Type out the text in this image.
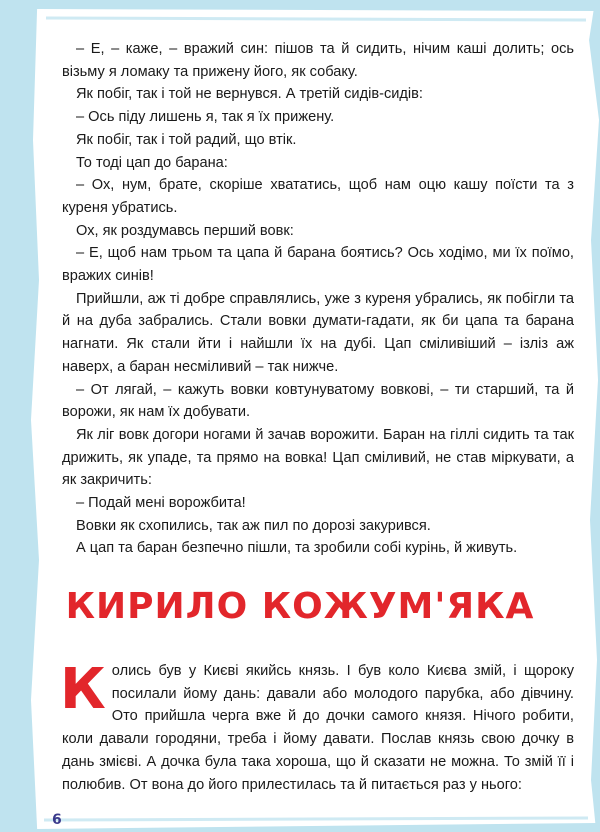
– Е, – каже, – вражий син: пішов та й сидить, нічим каші долить; ось візьму я ломаку та прижену його, як собаку.

Як побіг, так і той не вернувся. А третій сидів-сидів:

– Ось піду лишень я, так я їх прижену.

Як побіг, так і той радий, що втік.

То тоді цап до барана:

– Ох, нум, брате, скоріше хвататись, щоб нам оцю кашу поїсти та з куреня убратись.

Ох, як роздумавсь перший вовк:

– Е, щоб нам трьом та цапа й барана боятись? Ось ходімо, ми їх поїмо, вражих синів!

Прийшли, аж ті добре справлялись, уже з куреня убрались, як побігли та й на дуба забрались. Стали вовки думати-гадати, як би цапа та барана нагнати. Як стали йти і найшли їх на дубі. Цап сміливіший – ізліз аж наверх, а баран несміливий – так нижче.

– От лягай, – кажуть вовки ковтунуватому вовкові, – ти старший, та й ворожи, як нам їх добувати.

Як ліг вовк догори ногами й зачав ворожити. Баран на гіллі сидить та так дрижить, як упаде, та прямо на вовка! Цап сміливий, не став міркувати, а як закричить:

– Подай мені ворожбита!

Вовки як схопились, так аж пил по дорозі закурився.

А цап та баран безпечно пішли, та зробили собі курінь, й живуть.

КИРИЛО КОЖУМ'ЯКА

Колись був у Києві якийсь князь. І був коло Києва змій, і щороку посилали йому дань: давали або молодого парубка, або дівчину. Ото прийшла черга вже й до дочки самого князя. Нічого робити, коли давали городяни, треба і йому давати. Послав князь свою дочку в дань змієві. А дочка була така хороша, що й сказати не можна. То змій її і полюбив. От вона до його прилестилась та й питається раз у нього:

6
